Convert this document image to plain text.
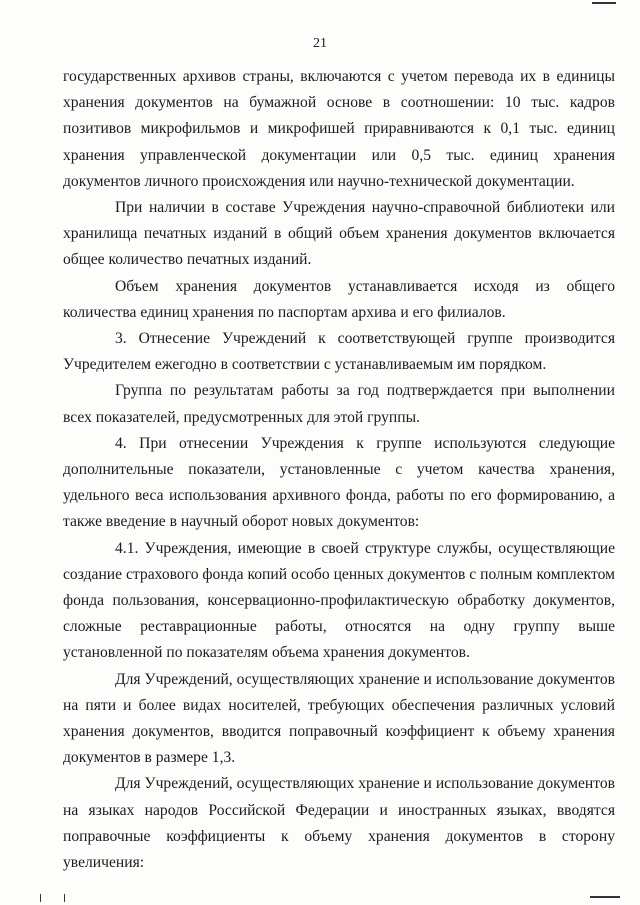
21

государственных архивов страны, включаются с учетом перевода их в единицы хранения документов на бумажной основе в соотношении: 10 тыс. кадров позитивов микрофильмов и микрофишей приравниваются к 0,1 тыс. единиц хранения управленческой документации или 0,5 тыс. единиц хранения документов личного происхождения или научно-технической документации.

При наличии в составе Учреждения научно-справочной библиотеки или хранилища печатных изданий в общий объем хранения документов включается общее количество печатных изданий.

Объем хранения документов устанавливается исходя из общего количества единиц хранения по паспортам архива и его филиалов.

3. Отнесение Учреждений к соответствующей группе производится Учредителем ежегодно в соответствии с устанавливаемым им порядком.

Группа по результатам работы за год подтверждается при выполнении всех показателей, предусмотренных для этой группы.

4. При отнесении Учреждения к группе используются следующие дополнительные показатели, установленные с учетом качества хранения, удельного веса использования архивного фонда, работы по его формированию, а также введение в научный оборот новых документов:

4.1. Учреждения, имеющие в своей структуре службы, осуществляющие создание страхового фонда копий особо ценных документов с полным комплектом фонда пользования, консервационно-профилактическую обработку документов, сложные реставрационные работы, относятся на одну группу выше установленной по показателям объема хранения документов.

Для Учреждений, осуществляющих хранение и использование документов на пяти и более видах носителей, требующих обеспечения различных условий хранения документов, вводится поправочный коэффициент к объему хранения документов в размере 1,3.

Для Учреждений, осуществляющих хранение и использование документов на языках народов Российской Федерации и иностранных языках, вводятся поправочные коэффициенты к объему хранения документов в сторону увеличения:
